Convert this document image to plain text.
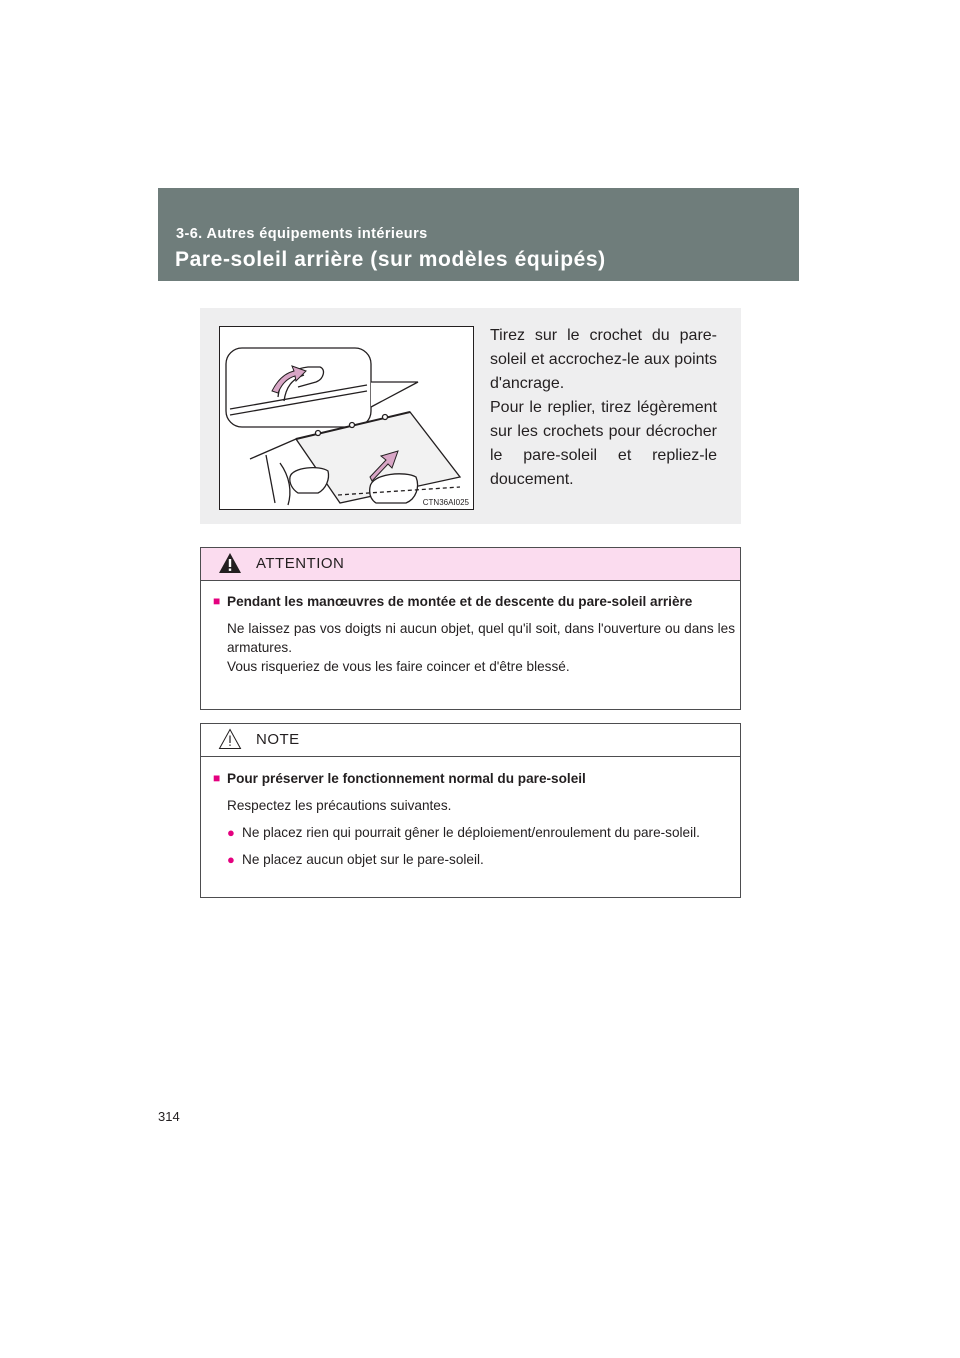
3-6. Autres équipements intérieurs
Pare-soleil arrière (sur modèles équipés)
CTN36AI025

Tirez sur le crochet du pare-soleil et accrochez-le aux points d'ancrage.

Pour le replier, tirez légèrement sur les crochets pour décrocher le pare-soleil et repliez-le doucement.

ATTENTION
■ Pendant les manœuvres de montée et de descente du pare-soleil arrière
Ne laissez pas vos doigts ni aucun objet, quel qu'il soit, dans l'ouverture ou dans les armatures.
Vous risqueriez de vous les faire coincer et d'être blessé.
NOTE
■ Pour préserver le fonctionnement normal du pare-soleil
Respectez les précautions suivantes.
● Ne placez rien qui pourrait gêner le déploiement/enroulement du pare-soleil.
● Ne placez aucun objet sur le pare-soleil.
314
